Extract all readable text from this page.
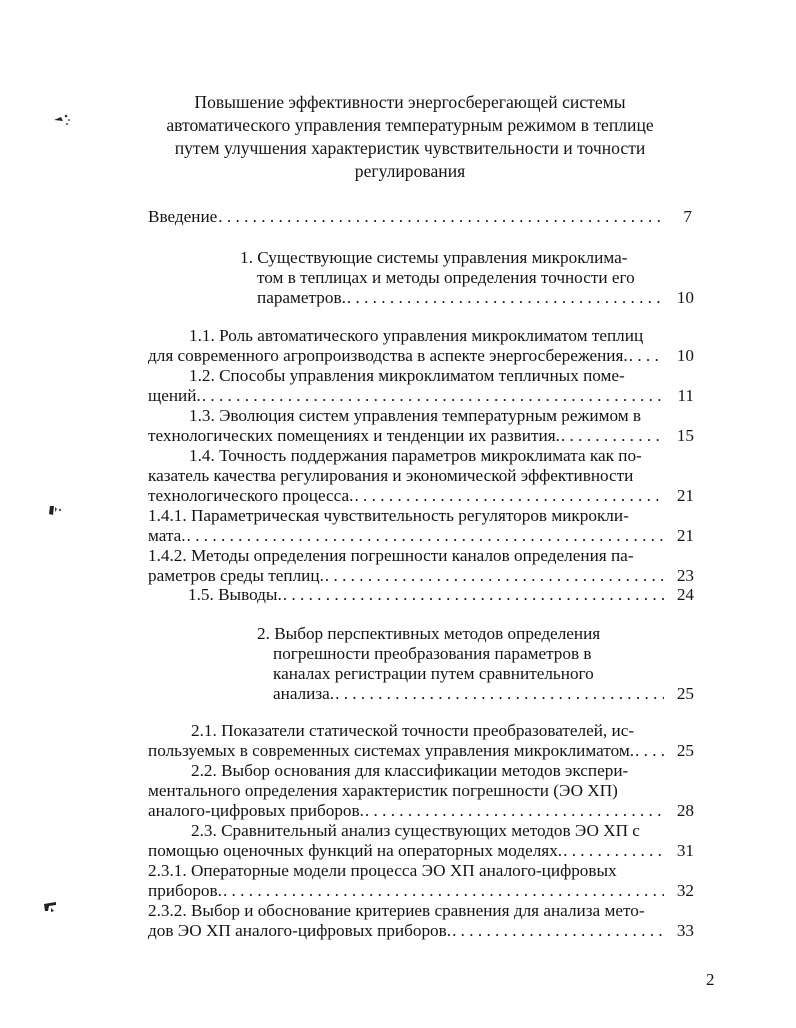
Повышение эффективности энергосберегающей системы
автоматического управления температурным режимом в теплице
путем улучшения характеристик чувствительности и точности
регулирования
Введение . . .	7
1. Существующие системы управления микроклима-
том в теплицах и методы определения точности его
параметров. . . .	10
1.1. Роль автоматического управления микроклиматом теплиц
для современного агропроизводства в аспекте энергосбережения. . . .	10
1.2. Способы управления микроклиматом тепличных поме-
щений. . . .	11
1.3. Эволюция систем управления температурным режимом в
технологических помещениях и тенденции их развития. . . .	15
1.4. Точность поддержания параметров микроклимата как по-
казатель качества регулирования и экономической эффективности
технологического процесса. . . .	21
1.4.1. Параметрическая чувствительность регуляторов микрокли-
мата. . . .	21
1.4.2. Методы определения погрешности каналов определения па-
раметров среды теплиц. . . .	23
1.5. Выводы. . . .	24
2. Выбор перспективных методов определения
погрешности преобразования параметров в
каналах регистрации путем сравнительного
анализа. . . .	25
2.1. Показатели статической точности преобразователей, ис-
пользуемых в современных системах управления микроклиматом. . . .	25
2.2. Выбор основания для классификации методов экспери-
ментального определения характеристик погрешности (ЭО ХП)
аналого-цифровых приборов. . . .	28
2.3. Сравнительный анализ существующих методов ЭО ХП с
помощью оценочных функций на операторных моделях. . . .	31
2.3.1. Операторные модели процесса ЭО ХП аналого-цифровых
приборов. . . .	32
2.3.2. Выбор и обоснование критериев сравнения для анализа мето-
дов ЭО ХП аналого-цифровых приборов. . . .	33
2
